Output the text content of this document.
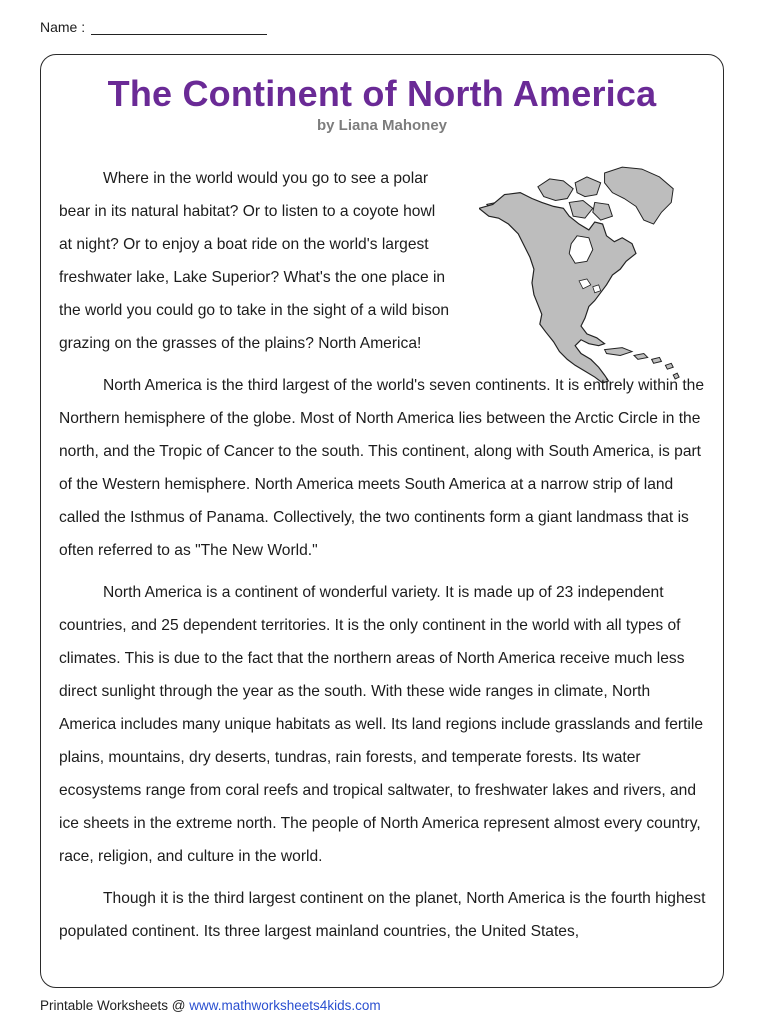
Name :
The Continent of North America
by Liana Mahoney

Where in the world would you go to see a polar bear in its natural habitat? Or to listen to a coyote howl at night? Or to enjoy a boat ride on the world's largest freshwater lake, Lake Superior? What's the one place in the world you could go to take in the sight of a wild bison grazing on the grasses of the plains? North America!

North America is the third largest of the world's seven continents. It is entirely within the Northern hemisphere of the globe. Most of North America lies between the Arctic Circle in the north, and the Tropic of Cancer to the south. This continent, along with South America, is part of the Western hemisphere. North America meets South America at a narrow strip of land called the Isthmus of Panama. Collectively, the two continents form a giant landmass that is often referred to as "The New World."

North America is a continent of wonderful variety. It is made up of 23 independent countries, and 25 dependent territories. It is the only continent in the world with all types of climates. This is due to the fact that the northern areas of North America receive much less direct sunlight through the year as the south. With these wide ranges in climate, North America includes many unique habitats as well. Its land regions include grasslands and fertile plains, mountains, dry deserts, tundras, rain forests, and temperate forests. Its water ecosystems range from coral reefs and tropical saltwater, to freshwater lakes and rivers, and ice sheets in the extreme north. The people of North America represent almost every country, race, religion, and culture in the world.

Though it is the third largest continent on the planet, North America is the fourth highest populated continent. Its three largest mainland countries, the United States,

Printable Worksheets @ www.mathworksheets4kids.com
